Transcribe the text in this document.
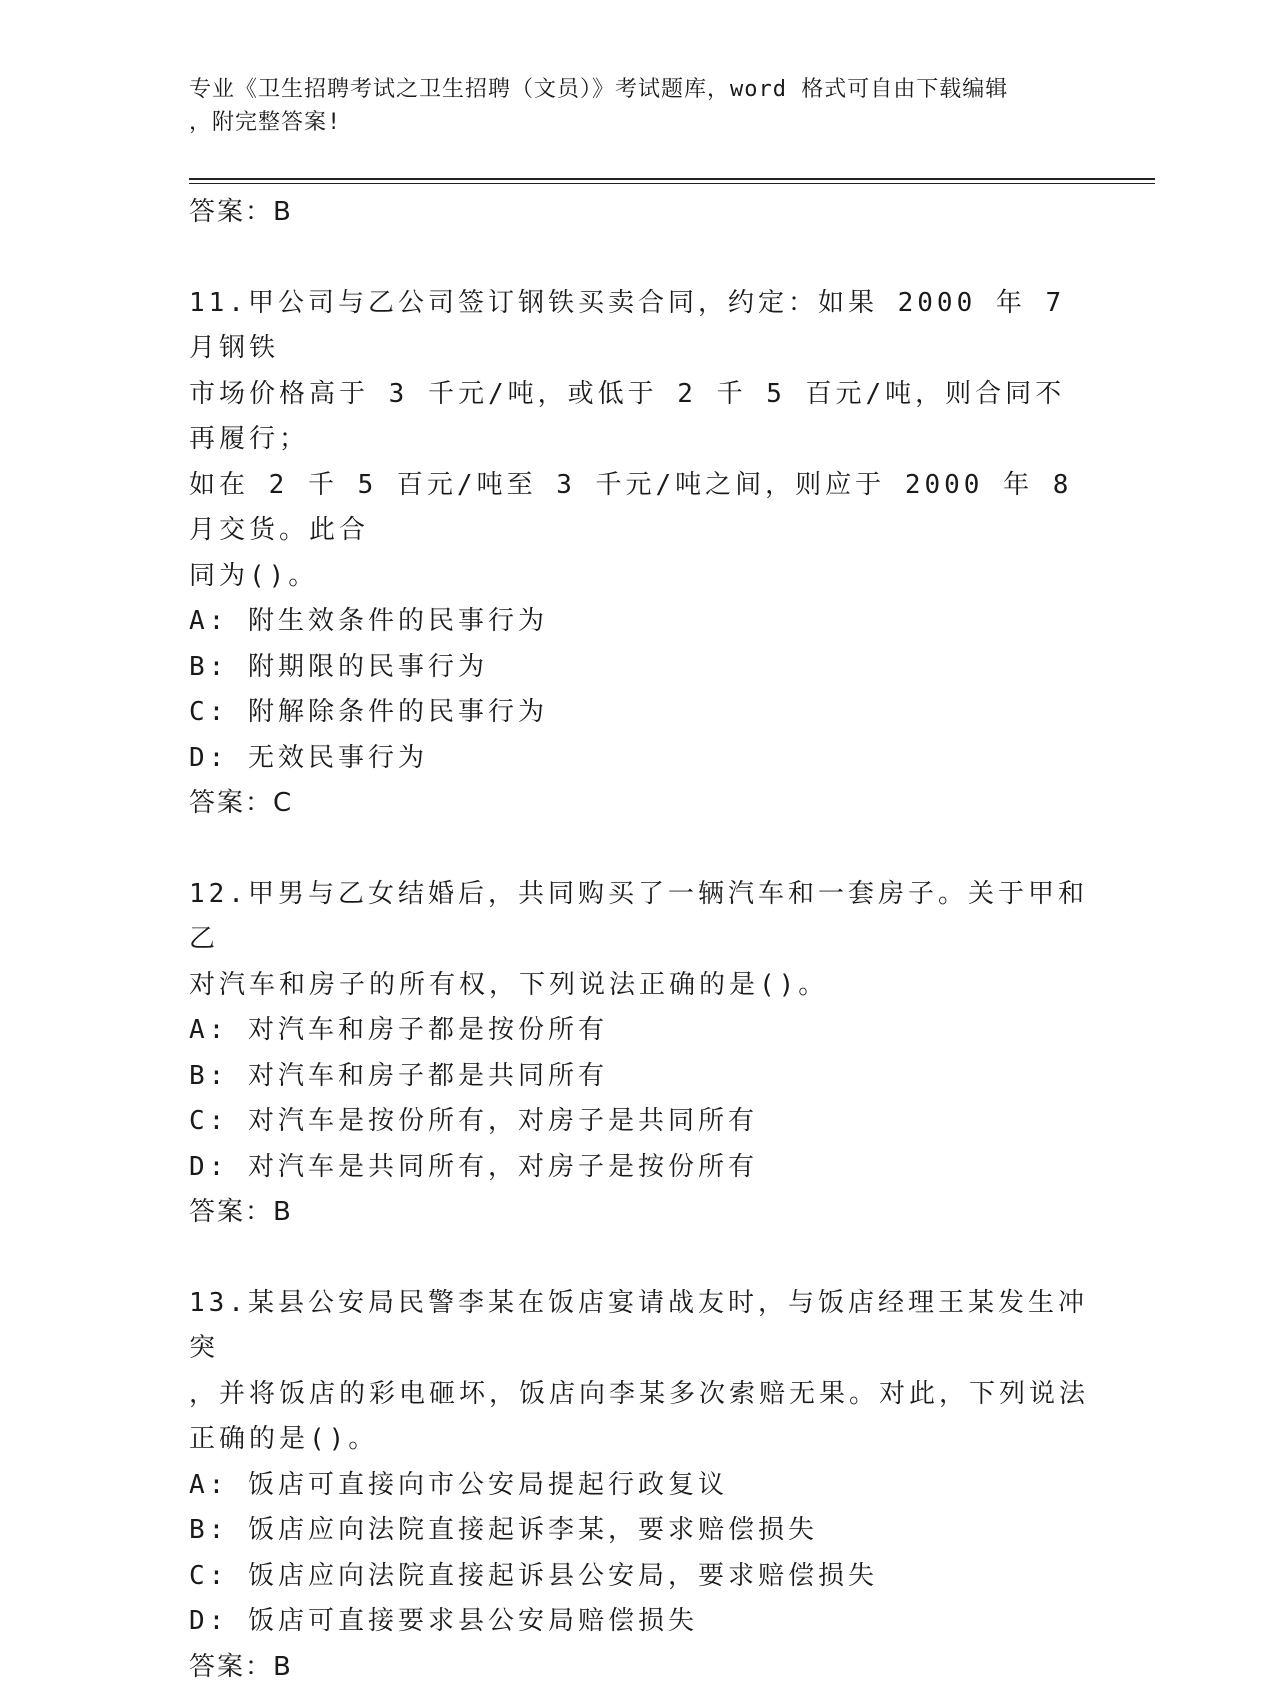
专业《卫生招聘考试之卫生招聘（文员）》考试题库，word 格式可自由下载编辑
，附完整答案!
答案：B
11.甲公司与乙公司签订钢铁买卖合同，约定：如果 2000 年 7 月钢铁
市场价格高于 3 千元/吨，或低于 2 千 5 百元/吨，则合同不再履行；
如在 2 千 5 百元/吨至 3 千元/吨之间，则应于 2000 年 8 月交货。此合
同为()。
A: 附生效条件的民事行为
B: 附期限的民事行为
C: 附解除条件的民事行为
D: 无效民事行为
答案：C
12.甲男与乙女结婚后，共同购买了一辆汽车和一套房子。关于甲和乙
对汽车和房子的所有权，下列说法正确的是()。
A: 对汽车和房子都是按份所有
B: 对汽车和房子都是共同所有
C: 对汽车是按份所有，对房子是共同所有
D: 对汽车是共同所有，对房子是按份所有
答案：B
13.某县公安局民警李某在饭店宴请战友时，与饭店经理王某发生冲突
，并将饭店的彩电砸坏，饭店向李某多次索赔无果。对此，下列说法
正确的是()。
A: 饭店可直接向市公安局提起行政复议
B: 饭店应向法院直接起诉李某，要求赔偿损失
C: 饭店应向法院直接起诉县公安局，要求赔偿损失
D: 饭店可直接要求县公安局赔偿损失
答案：B
